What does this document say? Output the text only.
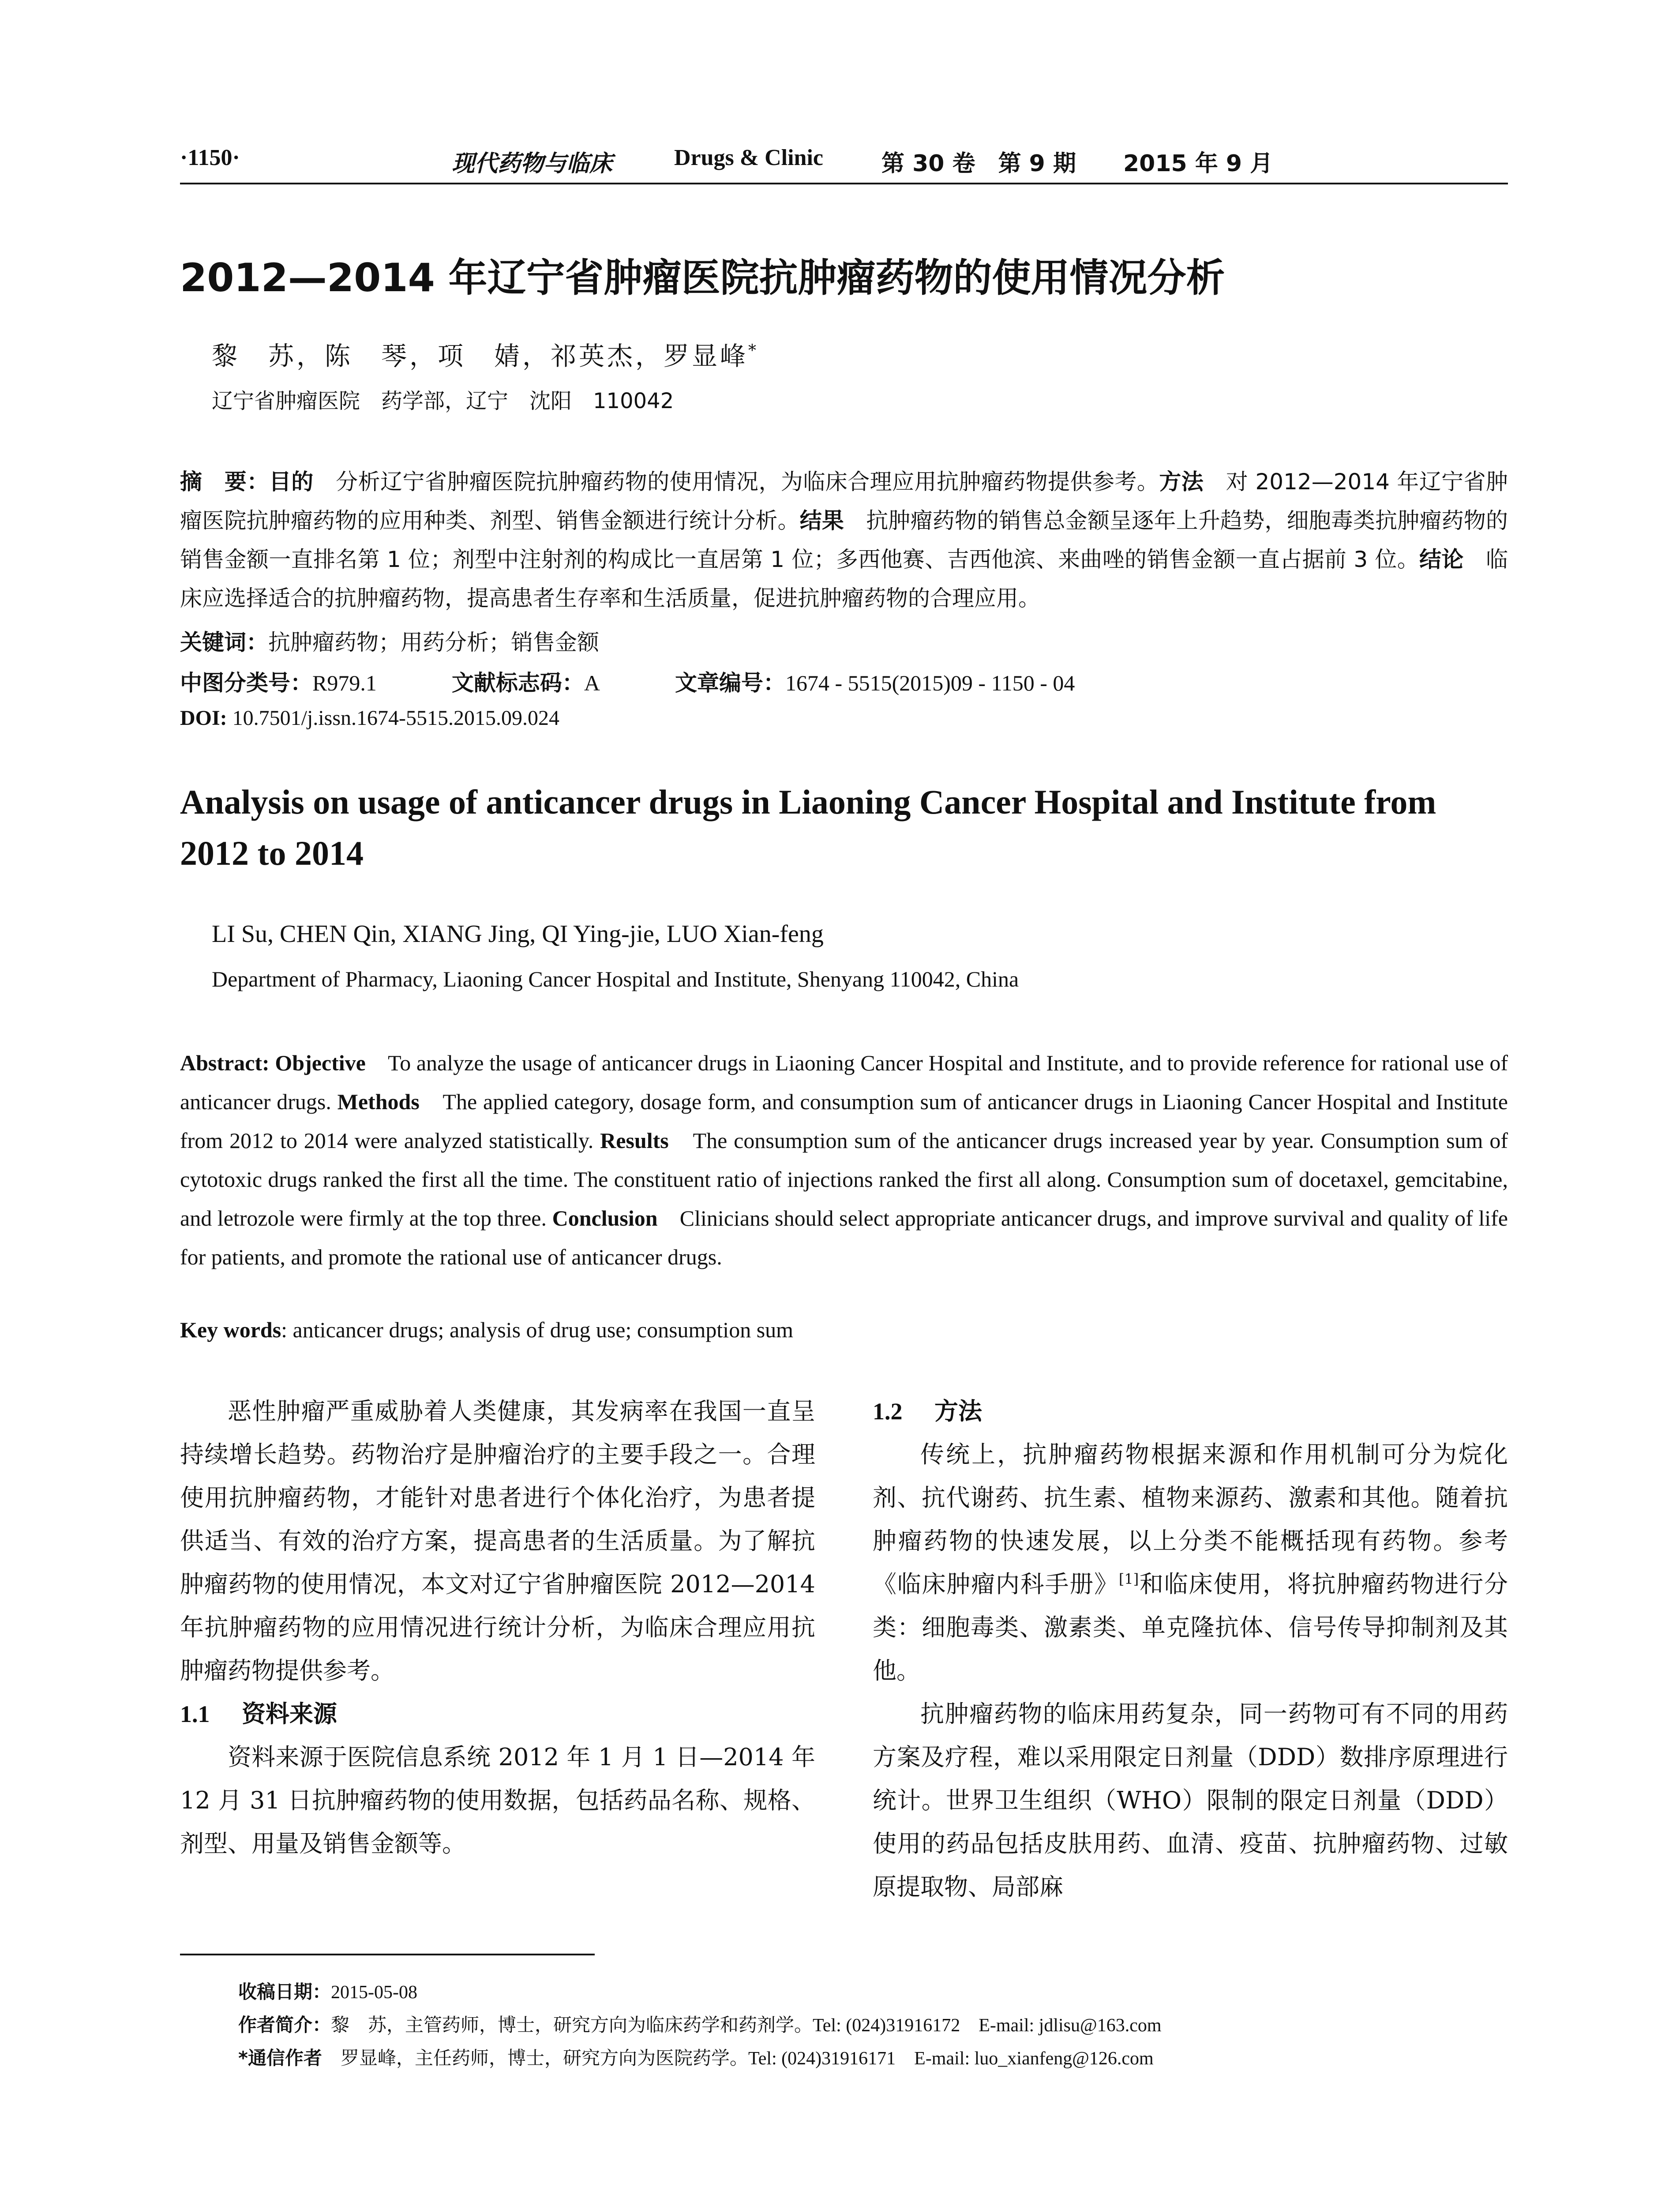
·1150·	现代药物与临床	Drugs & Clinic	第 30 卷　第 9 期 2015 年 9 月
2012—2014 年辽宁省肿瘤医院抗肿瘤药物的使用情况分析
黎　苏，陈　琴，项　婧，祁英杰，罗显峰*
辽宁省肿瘤医院　药学部，辽宁　沈阳　110042
摘　要：目的　分析辽宁省肿瘤医院抗肿瘤药物的使用情况，为临床合理应用抗肿瘤药物提供参考。方法　对 2012—2014 年辽宁省肿瘤医院抗肿瘤药物的应用种类、剂型、销售金额进行统计分析。结果　抗肿瘤药物的销售总金额呈逐年上升趋势，细胞毒类抗肿瘤药物的销售金额一直排名第 1 位；剂型中注射剂的构成比一直居第 1 位；多西他赛、吉西他滨、来曲唑的销售金额一直占据前 3 位。结论　临床应选择适合的抗肿瘤药物，提高患者生存率和生活质量，促进抗肿瘤药物的合理应用。
关键词：抗肿瘤药物；用药分析；销售金额
中图分类号：R979.1	文献标志码：A	文章编号：1674 - 5515(2015)09 - 1150 - 04
DOI: 10.7501/j.issn.1674-5515.2015.09.024
Analysis on usage of anticancer drugs in Liaoning Cancer Hospital and Institute from 2012 to 2014
LI Su, CHEN Qin, XIANG Jing, QI Ying-jie, LUO Xian-feng
Department of Pharmacy, Liaoning Cancer Hospital and Institute, Shenyang 110042, China
Abstract: Objective　To analyze the usage of anticancer drugs in Liaoning Cancer Hospital and Institute, and to provide reference for rational use of anticancer drugs. Methods　The applied category, dosage form, and consumption sum of anticancer drugs in Liaoning Cancer Hospital and Institute from 2012 to 2014 were analyzed statistically. Results　The consumption sum of the anticancer drugs increased year by year. Consumption sum of cytotoxic drugs ranked the first all the time. The constituent ratio of injections ranked the first all along. Consumption sum of docetaxel, gemcitabine, and letrozole were firmly at the top three. Conclusion　Clinicians should select appropriate anticancer drugs, and improve survival and quality of life for patients, and promote the rational use of anticancer drugs.
Key words: anticancer drugs; analysis of drug use; consumption sum

恶性肿瘤严重威胁着人类健康，其发病率在我国一直呈持续增长趋势。药物治疗是肿瘤治疗的主要手段之一。合理使用抗肿瘤药物，才能针对患者进行个体化治疗，为患者提供适当、有效的治疗方案，提高患者的生活质量。为了解抗肿瘤药物的使用情况，本文对辽宁省肿瘤医院 2012—2014 年抗肿瘤药物的应用情况进行统计分析，为临床合理应用抗肿瘤药物提供参考。

1.1 资料来源

资料来源于医院信息系统 2012 年 1 月 1 日—2014 年 12 月 31 日抗肿瘤药物的使用数据，包括药品名称、规格、剂型、用量及销售金额等。

1.2 方法

传统上，抗肿瘤药物根据来源和作用机制可分为烷化剂、抗代谢药、抗生素、植物来源药、激素和其他。随着抗肿瘤药物的快速发展，以上分类不能概括现有药物。参考《临床肿瘤内科手册》[1]和临床使用，将抗肿瘤药物进行分类：细胞毒类、激素类、单克隆抗体、信号传导抑制剂及其他。

抗肿瘤药物的临床用药复杂，同一药物可有不同的用药方案及疗程，难以采用限定日剂量（DDD）数排序原理进行统计。世界卫生组织（WHO）限制的限定日剂量（DDD）使用的药品包括皮肤用药、血清、疫苗、抗肿瘤药物、过敏原提取物、局部麻

收稿日期：2015-05-08
作者简介：黎　苏，主管药师，博士，研究方向为临床药学和药剂学。Tel: (024)31916172　E-mail: jdlisu@163.com
*通信作者　罗显峰，主任药师，博士，研究方向为医院药学。Tel: (024)31916171　E-mail: luo_xianfeng@126.com
